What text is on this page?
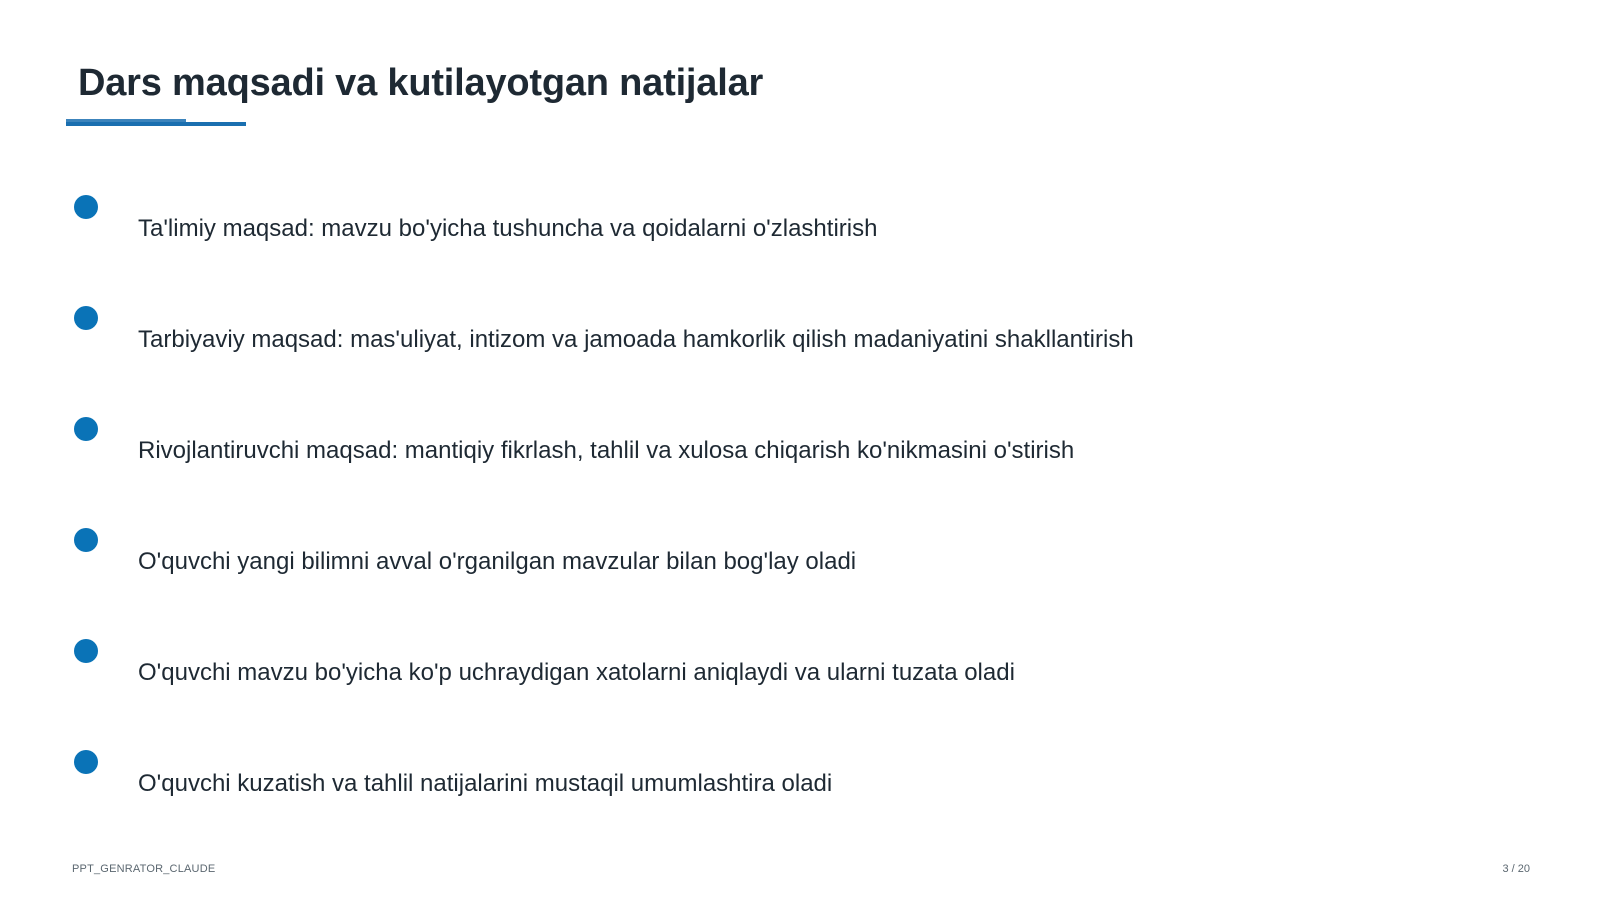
Dars maqsadi va kutilayotgan natijalar
Ta'limiy maqsad: mavzu bo'yicha tushuncha va qoidalarni o'zlashtirish
Tarbiyaviy maqsad: mas'uliyat, intizom va jamoada hamkorlik qilish madaniyatini shakllantirish
Rivojlantiruvchi maqsad: mantiqiy fikrlash, tahlil va xulosa chiqarish ko'nikmasini o'stirish
O'quvchi yangi bilimni avval o'rganilgan mavzular bilan bog'lay oladi
O'quvchi mavzu bo'yicha ko'p uchraydigan xatolarni aniqlaydi va ularni tuzata oladi
O'quvchi kuzatish va tahlil natijalarini mustaqil umumlashtira oladi
PPT_GENRATOR_CLAUDE	3 / 20
